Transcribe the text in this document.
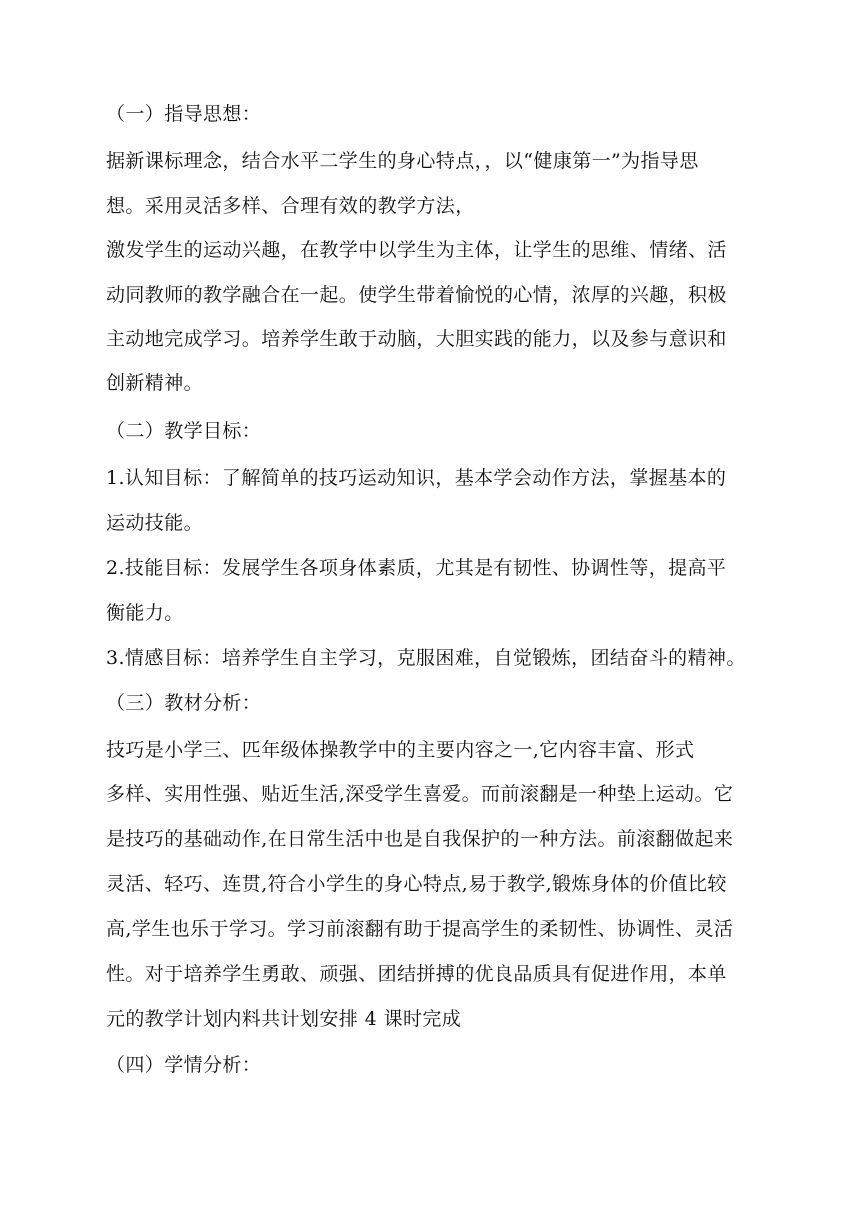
（一）指导思想：
据新课标理念，结合水平二学生的身心特点，，以“健康第一”为指导思
想。采用灵活多样、合理有效的教学方法，
激发学生的运动兴趣，在教学中以学生为主体，让学生的思维、情绪、活
动同教师的教学融合在一起。使学生带着愉悦的心情，浓厚的兴趣，积极
主动地完成学习。培养学生敢于动脑，大胆实践的能力，以及参与意识和
创新精神。
（二）教学目标：
1.认知目标：了解简单的技巧运动知识，基本学会动作方法，掌握基本的
运动技能。
2.技能目标：发展学生各项身体素质，尤其是有韧性、协调性等，提高平
衡能力。
3.情感目标：培养学生自主学习，克服困难，自觉锻炼，团结奋斗的精神。
（三）教材分析：
技巧是小学三、匹年级体操教学中的主要内容之一,它内容丰富、形式
多样、实用性强、贴近生活,深受学生喜爱。而前滚翻是一种垫上运动。它
是技巧的基础动作,在日常生活中也是自我保护的一种方法。前滚翻做起来
灵活、轻巧、连贯,符合小学生的身心特点,易于教学,锻炼身体的价值比较
高,学生也乐于学习。学习前滚翻有助于提高学生的柔韧性、协调性、灵活
性。对于培养学生勇敢、顽强、团结拼搏的优良品质具有促进作用，本单
元的教学计划内料共计划安排 4 课时完成
（四）学情分析：
